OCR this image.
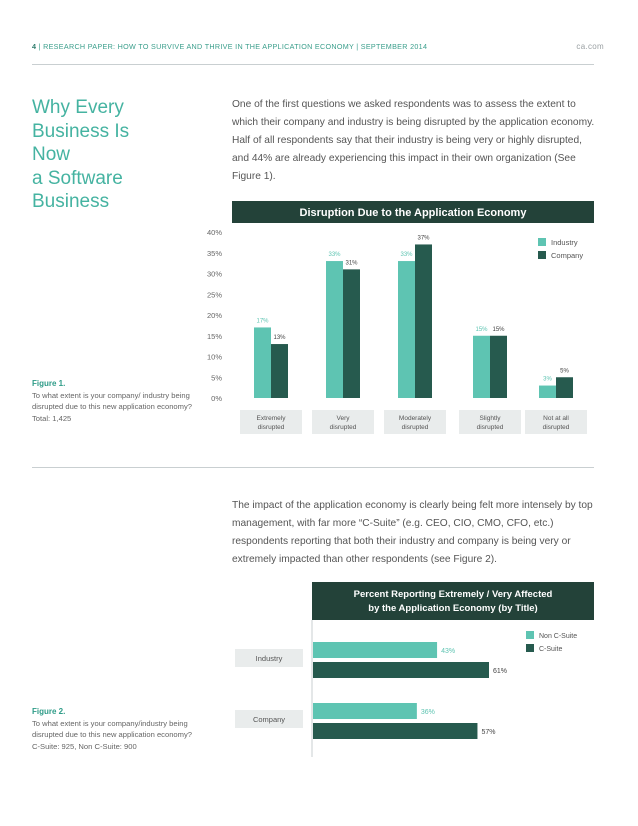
4 | RESEARCH PAPER: HOW TO SURVIVE AND THRIVE IN THE APPLICATION ECONOMY | SEPTEMBER 2014	ca.com
Why Every
Business Is
Now
a Software
Business
One of the first questions we asked respondents was to assess the extent to which their company and industry is being disrupted by the application economy. Half of all respondents say that their industry is being very or highly disrupted, and 44% are already experiencing this impact in their own organization (See Figure 1).
Disruption Due to the Application Economy
0%
5%
10%
15%
20%
25%
30%
35%
40%
17%
13%
Extremely
disrupted
33%
31%
Very
disrupted
33%
37%
Moderately
disrupted
15% 15%
Slightly
disrupted
3%
5%
Not at all
disrupted
Industry
Company
Figure 1.
To what extent is your company/ industry being disrupted due to this new application economy?
Total: 1,425
The impact of the application economy is clearly being felt more intensely by top management, with far more “C-Suite” (e.g. CEO, CIO, CMO, CFO, etc.) respondents reporting that both their industry and company is being very or extremely impacted than other respondents (see Figure 2).
Percent Reporting Extremely / Very Affected
by the Application Economy (by Title)
Industry
43%
61%
Company
36%
57%
Non C-Suite
C-Suite
Figure 2.
To what extent is your company/industry being disrupted due to this new application economy?
C-Suite: 925, Non C-Suite: 900
